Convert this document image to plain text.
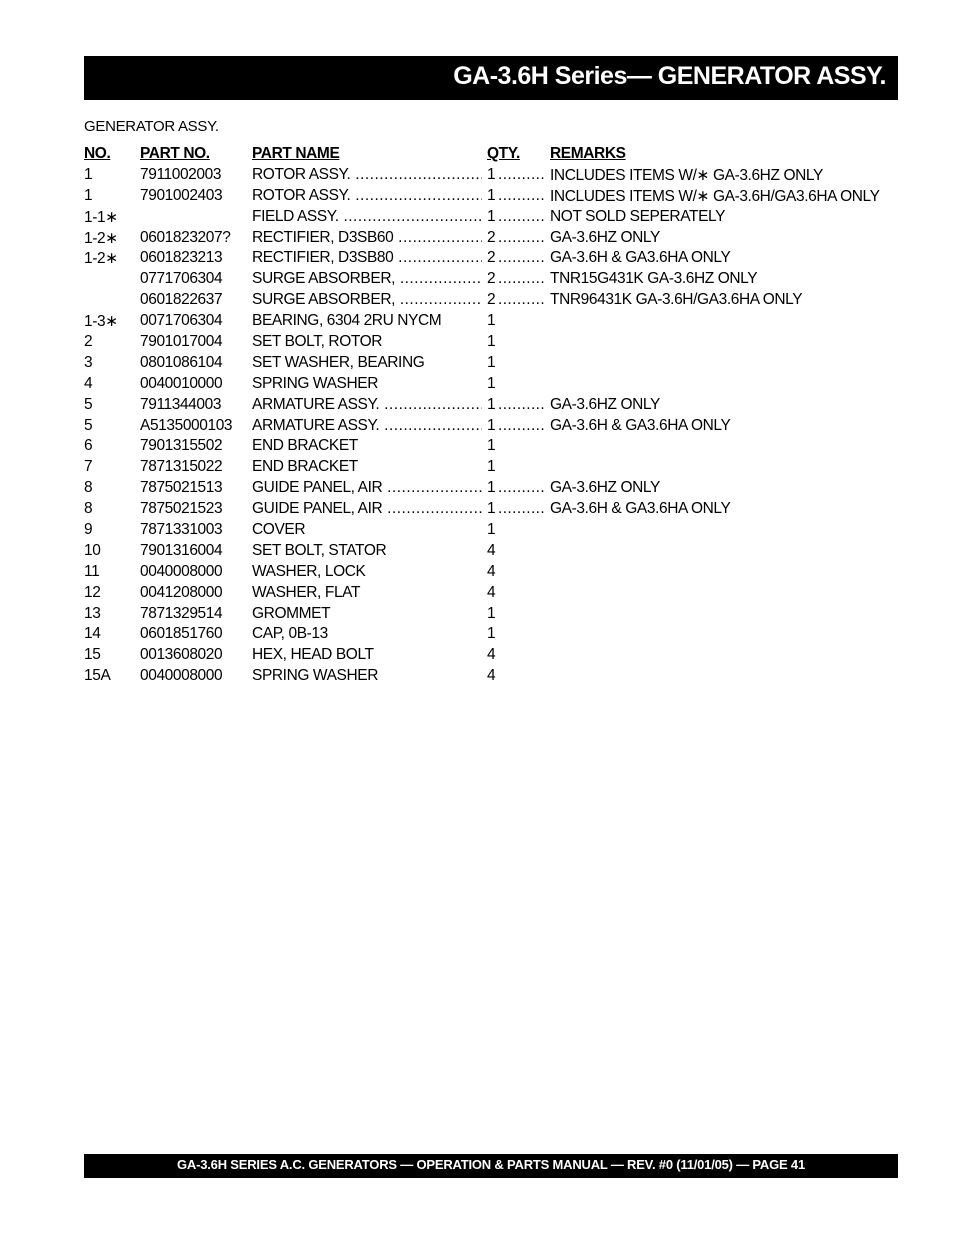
GA-3.6H Series— GENERATOR ASSY.
GENERATOR ASSY.
NO. PART NO.	PART NAME	QTY. REMARKS
1	7911002003 ROTOR ASSY. .....	1 .....	INCLUDES ITEMS W/∗ GA-3.6HZ ONLY
1	7901002403 ROTOR ASSY. .....	1 .....	INCLUDES ITEMS W/∗ GA-3.6H/GA3.6HA ONLY
1-1∗	FIELD ASSY. .....	1 .....	NOT SOLD SEPERATELY
1-2∗ 0601823207? RECTIFIER, D3SB60 .....	2 .....	GA-3.6HZ ONLY
1-2∗ 0601823213 RECTIFIER, D3SB80 .....	2 .....	GA-3.6H & GA3.6HA ONLY
0771706304 SURGE ABSORBER, .....	2 .....	TNR15G431K GA-3.6HZ ONLY
0601822637 SURGE ABSORBER, .....	2 .....	TNR96431K GA-3.6H/GA3.6HA ONLY
1-3∗ 0071706304 BEARING, 6304 2RU NYCM	1
2	7901017004 SET BOLT, ROTOR	1
3	0801086104 SET WASHER, BEARING	1
4	0040010000 SPRING WASHER	1
5	7911344003 ARMATURE ASSY. .....	1 .....	GA-3.6HZ ONLY
5	A5135000103 ARMATURE ASSY. .....	1 .....	GA-3.6H & GA3.6HA ONLY
6	7901315502 END BRACKET	1
7	7871315022 END BRACKET	1
8	7875021513 GUIDE PANEL, AIR .....	1 .....	GA-3.6HZ ONLY
8	7875021523 GUIDE PANEL, AIR .....	1 .....	GA-3.6H & GA3.6HA ONLY
9	7871331003 COVER	1
10	7901316004 SET BOLT, STATOR	4
11	0040008000 WASHER, LOCK	4
12	0041208000 WASHER, FLAT	4
13	7871329514 GROMMET	1
14	0601851760 CAP, 0B-13	1
15	0013608020 HEX, HEAD BOLT	4
15A 0040008000 SPRING WASHER	4
GA-3.6H SERIES A.C. GENERATORS — OPERATION & PARTS MANUAL — REV. #0 (11/01/05) — PAGE 41
